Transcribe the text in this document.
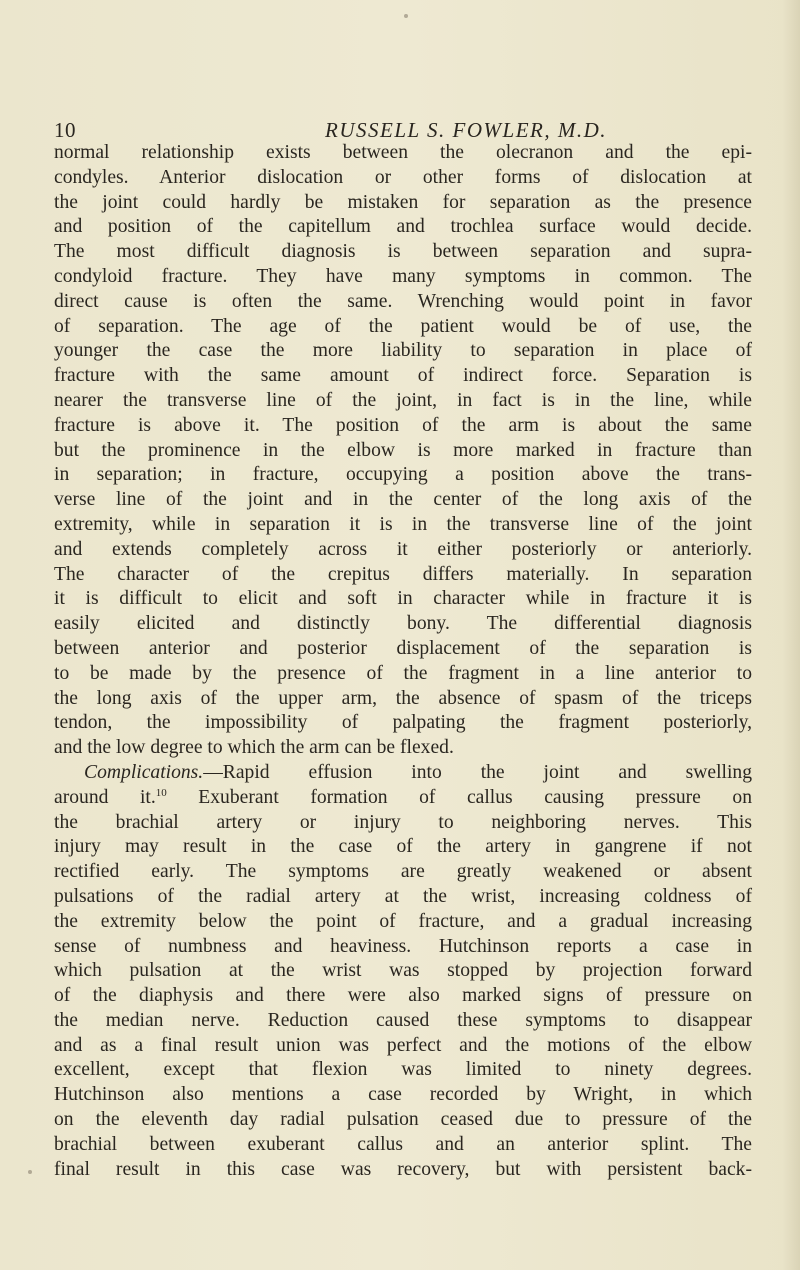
10	RUSSELL S. FOWLER, M.D.
normal relationship exists between the olecranon and the epi-
condyles. Anterior dislocation or other forms of dislocation at
the joint could hardly be mistaken for separation as the presence
and position of the capitellum and trochlea surface would decide.
The most difficult diagnosis is between separation and supra-
condyloid fracture. They have many symptoms in common. The
direct cause is often the same. Wrenching would point in favor
of separation. The age of the patient would be of use, the
younger the case the more liability to separation in place of
fracture with the same amount of indirect force. Separation is
nearer the transverse line of the joint, in fact is in the line, while
fracture is above it. The position of the arm is about the same
but the prominence in the elbow is more marked in fracture than
in separation; in fracture, occupying a position above the trans-
verse line of the joint and in the center of the long axis of the
extremity, while in separation it is in the transverse line of the joint
and extends completely across it either posteriorly or anteriorly.
The character of the crepitus differs materially. In separation
it is difficult to elicit and soft in character while in fracture it is
easily elicited and distinctly bony. The differential diagnosis
between anterior and posterior displacement of the separation is
to be made by the presence of the fragment in a line anterior to
the long axis of the upper arm, the absence of spasm of the triceps
tendon, the impossibility of palpating the fragment posteriorly,
and the low degree to which the arm can be flexed.
Complications.—Rapid effusion into the joint and swelling
around it.$^{10}$ Exuberant formation of callus causing pressure on
the brachial artery or injury to neighboring nerves. This
injury may result in the case of the artery in gangrene if not
rectified early. The symptoms are greatly weakened or absent
pulsations of the radial artery at the wrist, increasing coldness of
the extremity below the point of fracture, and a gradual increasing
sense of numbness and heaviness. Hutchinson reports a case in
which pulsation at the wrist was stopped by projection forward
of the diaphysis and there were also marked signs of pressure on
the median nerve. Reduction caused these symptoms to disappear
and as a final result union was perfect and the motions of the elbow
excellent, except that flexion was limited to ninety degrees.
Hutchinson also mentions a case recorded by Wright, in which
on the eleventh day radial pulsation ceased due to pressure of the
brachial between exuberant callus and an anterior splint. The
final result in this case was recovery, but with persistent back-
